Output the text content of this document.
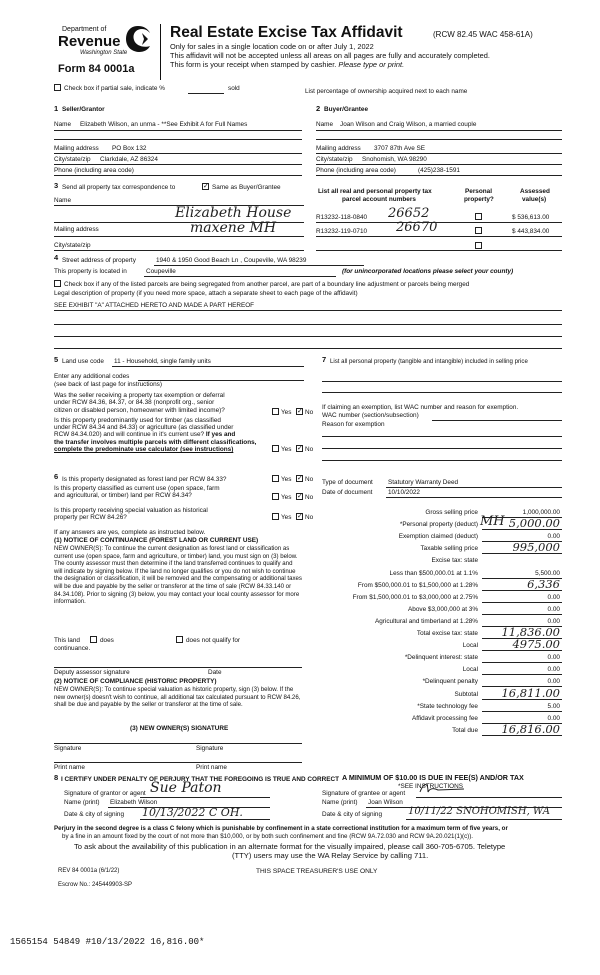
Department of
Revenue
Washington State
Form 84 0001a
Real Estate Excise Tax Affidavit	(RCW 82.45 WAC 458-61A)
Only for sales in a single location code on or after July 1, 2022
This affidavit will not be accepted unless all areas on all pages are fully and accurately completed.
This form is your receipt when stamped by cashier. Please type or print.
Check box if partial sale, indicate %	sold	List percentage of ownership acquired next to each name
1 Seller/Grantor
Name Elizabeth Wilson, an unma - **See Exhibit A for Full Names
Mailing address PO Box 132
City/state/zip Clarkdale, AZ 86324
Phone (including area code)
2 Buyer/Grantee
Name Joan Wilson and Craig Wilson, a married couple
Mailing address 3707 87th Ave SE
City/state/zip Snohomish, WA 98290
Phone (including area code)	(425)238-1591
3 Send all property tax correspondence to	✓ Same as Buyer/Grantee
Name
Elizabeth House
Mailing address	maxene MH
City/state/zip
List all real and personal property tax
parcel account numbers
Personal
property?
Assessed
value(s)
R13232-118-0840 26652	$ 536,613.00
R13232-119-0710 26670	$ 443,834.00
4 Street address of property	1940 & 1950 Good Beach Ln , Coupeville, WA 98239
This property is located in	Coupeville	(for unincorporated locations please select your county)
Check box if any of the listed parcels are being segregated from another parcel, are part of a boundary line adjustment or parcels being merged
Legal description of property (if you need more space, attach a separate sheet to each page of the affidavit)
SEE EXHIBIT "A" ATTACHED HERETO AND MADE A PART HEREOF
5 Land use code 11 - Household, single family units
Enter any additional codes
(see back of last page for instructions)
Was the seller receiving a property tax exemption or deferral
under RCW 84.36, 84.37, or 84.38 (nonprofit org., senior
citizen or disabled person, homeowner with limited income)?	Yes ✓ No
Is this property predominantly used for timber (as classified
under RCW 84.34 and 84.33) or agriculture (as classified under
RCW 84.34.020) and will continue in it's current use? If yes and
the transfer involves multiple parcels with different classifications,
complete the predominate use calculator (see instructions)	Yes ✓ No
7 List all personal property (tangible and intangible) included in selling price
If claiming an exemption, list WAC number and reason for exemption.
WAC number (section/subsection)
Reason for exemption
Type of document Statutory Warranty Deed
Date of document 10/10/2022
6 Is this property designated as forest land per RCW 84.33?	Yes ✓ No
Is this property classified as current use (open space, farm
and agricultural, or timber) land per RCW 84.34?	Yes ✓ No
Is this property receiving special valuation as historical
property per RCW 84.26?	Yes ✓ No
If any answers are yes, complete as instructed below.
(1) NOTICE OF CONTINUANCE (FOREST LAND OR CURRENT USE)
NEW OWNER(S): To continue the current designation as forest land or classification as current use (open space, farm and agriculture, or timber) land, you must sign on (3) below. The county assessor must then determine if the land transferred continues to qualify and will indicate by signing below. If the land no longer qualifies or you do not wish to continue the designation or classification, it will be removed and the compensating or additional taxes will be due and payable by the seller or transferor at the time of sale (RCW 84.33.140 or 84.34.108). Prior to signing (3) below, you may contact your local county assessor for more information.
This land	does	does not qualify for
continuance.
Deputy assessor signature	Date
(2) NOTICE OF COMPLIANCE (HISTORIC PROPERTY)
NEW OWNER(S): To continue special valuation as historic property, sign (3) below. If the new owner(s) doesn't wish to continue, all additional tax calculated pursuant to RCW 84.26, shall be due and payable by the seller or transferor at the time of sale.
(3) NEW OWNER(S) SIGNATURE
Signature	Signature
Print name	Print name
Gross selling price	1,000,000.00
*Personal property (deduct)	5,000.00
Exemption claimed (deduct)	0.00
Taxable selling price	995,000
Excise tax: state
Less than $500,000.01 at 1.1%	5,500.00
From $500,000.01 to $1,500,000 at 1.28%	6,336
From $1,500,000.01 to $3,000,000 at 2.75%	0.00
Above $3,000,000 at 3%	0.00
Agricultural and timberland at 1.28%	0.00
Total excise tax: state 11,836.00
Local	4975.00
*Delinquent interest: state	0.00
Local	0.00
*Delinquent penalty	0.00
Subtotal 16,811.00
*State technology fee	5.00
Affidavit processing fee	0.00
Total due 16,816.00
MH
A MINIMUM OF $10.00 IS DUE IN FEE(S) AND/OR TAX
*SEE INSTRUCTIONS
8 I CERTIFY UNDER PENALTY OF PERJURY THAT THE FOREGOING IS TRUE AND CORRECT
Signature of grantor or agent Sue Paton
Name (print) Elizabeth Wilson
Date & city of signing 10/13/2022 C OH.
Signature of grantee or agent
Name (print) Joan Wilson
Date & city of signing	10/11/22 SNOHOMISH, WA
Perjury in the second degree is a class C felony which is punishable by confinement in a state correctional institution for a maximum term of five years, or
by a fine in an amount fixed by the court of not more than $10,000, or by both such confinement and fine (RCW 9A.72.030 and RCW 9A.20.021(1)(c)).
To ask about the availability of this publication in an alternate format for the visually impaired, please call 360-705-6705. Teletype
(TTY) users may use the WA Relay Service by calling 711.
REV 84 0001a (6/1/22)	THIS SPACE TREASURER'S USE ONLY
Escrow No.: 245449903-SP
1565154 54849 #10/13/2022 16,816.00*
